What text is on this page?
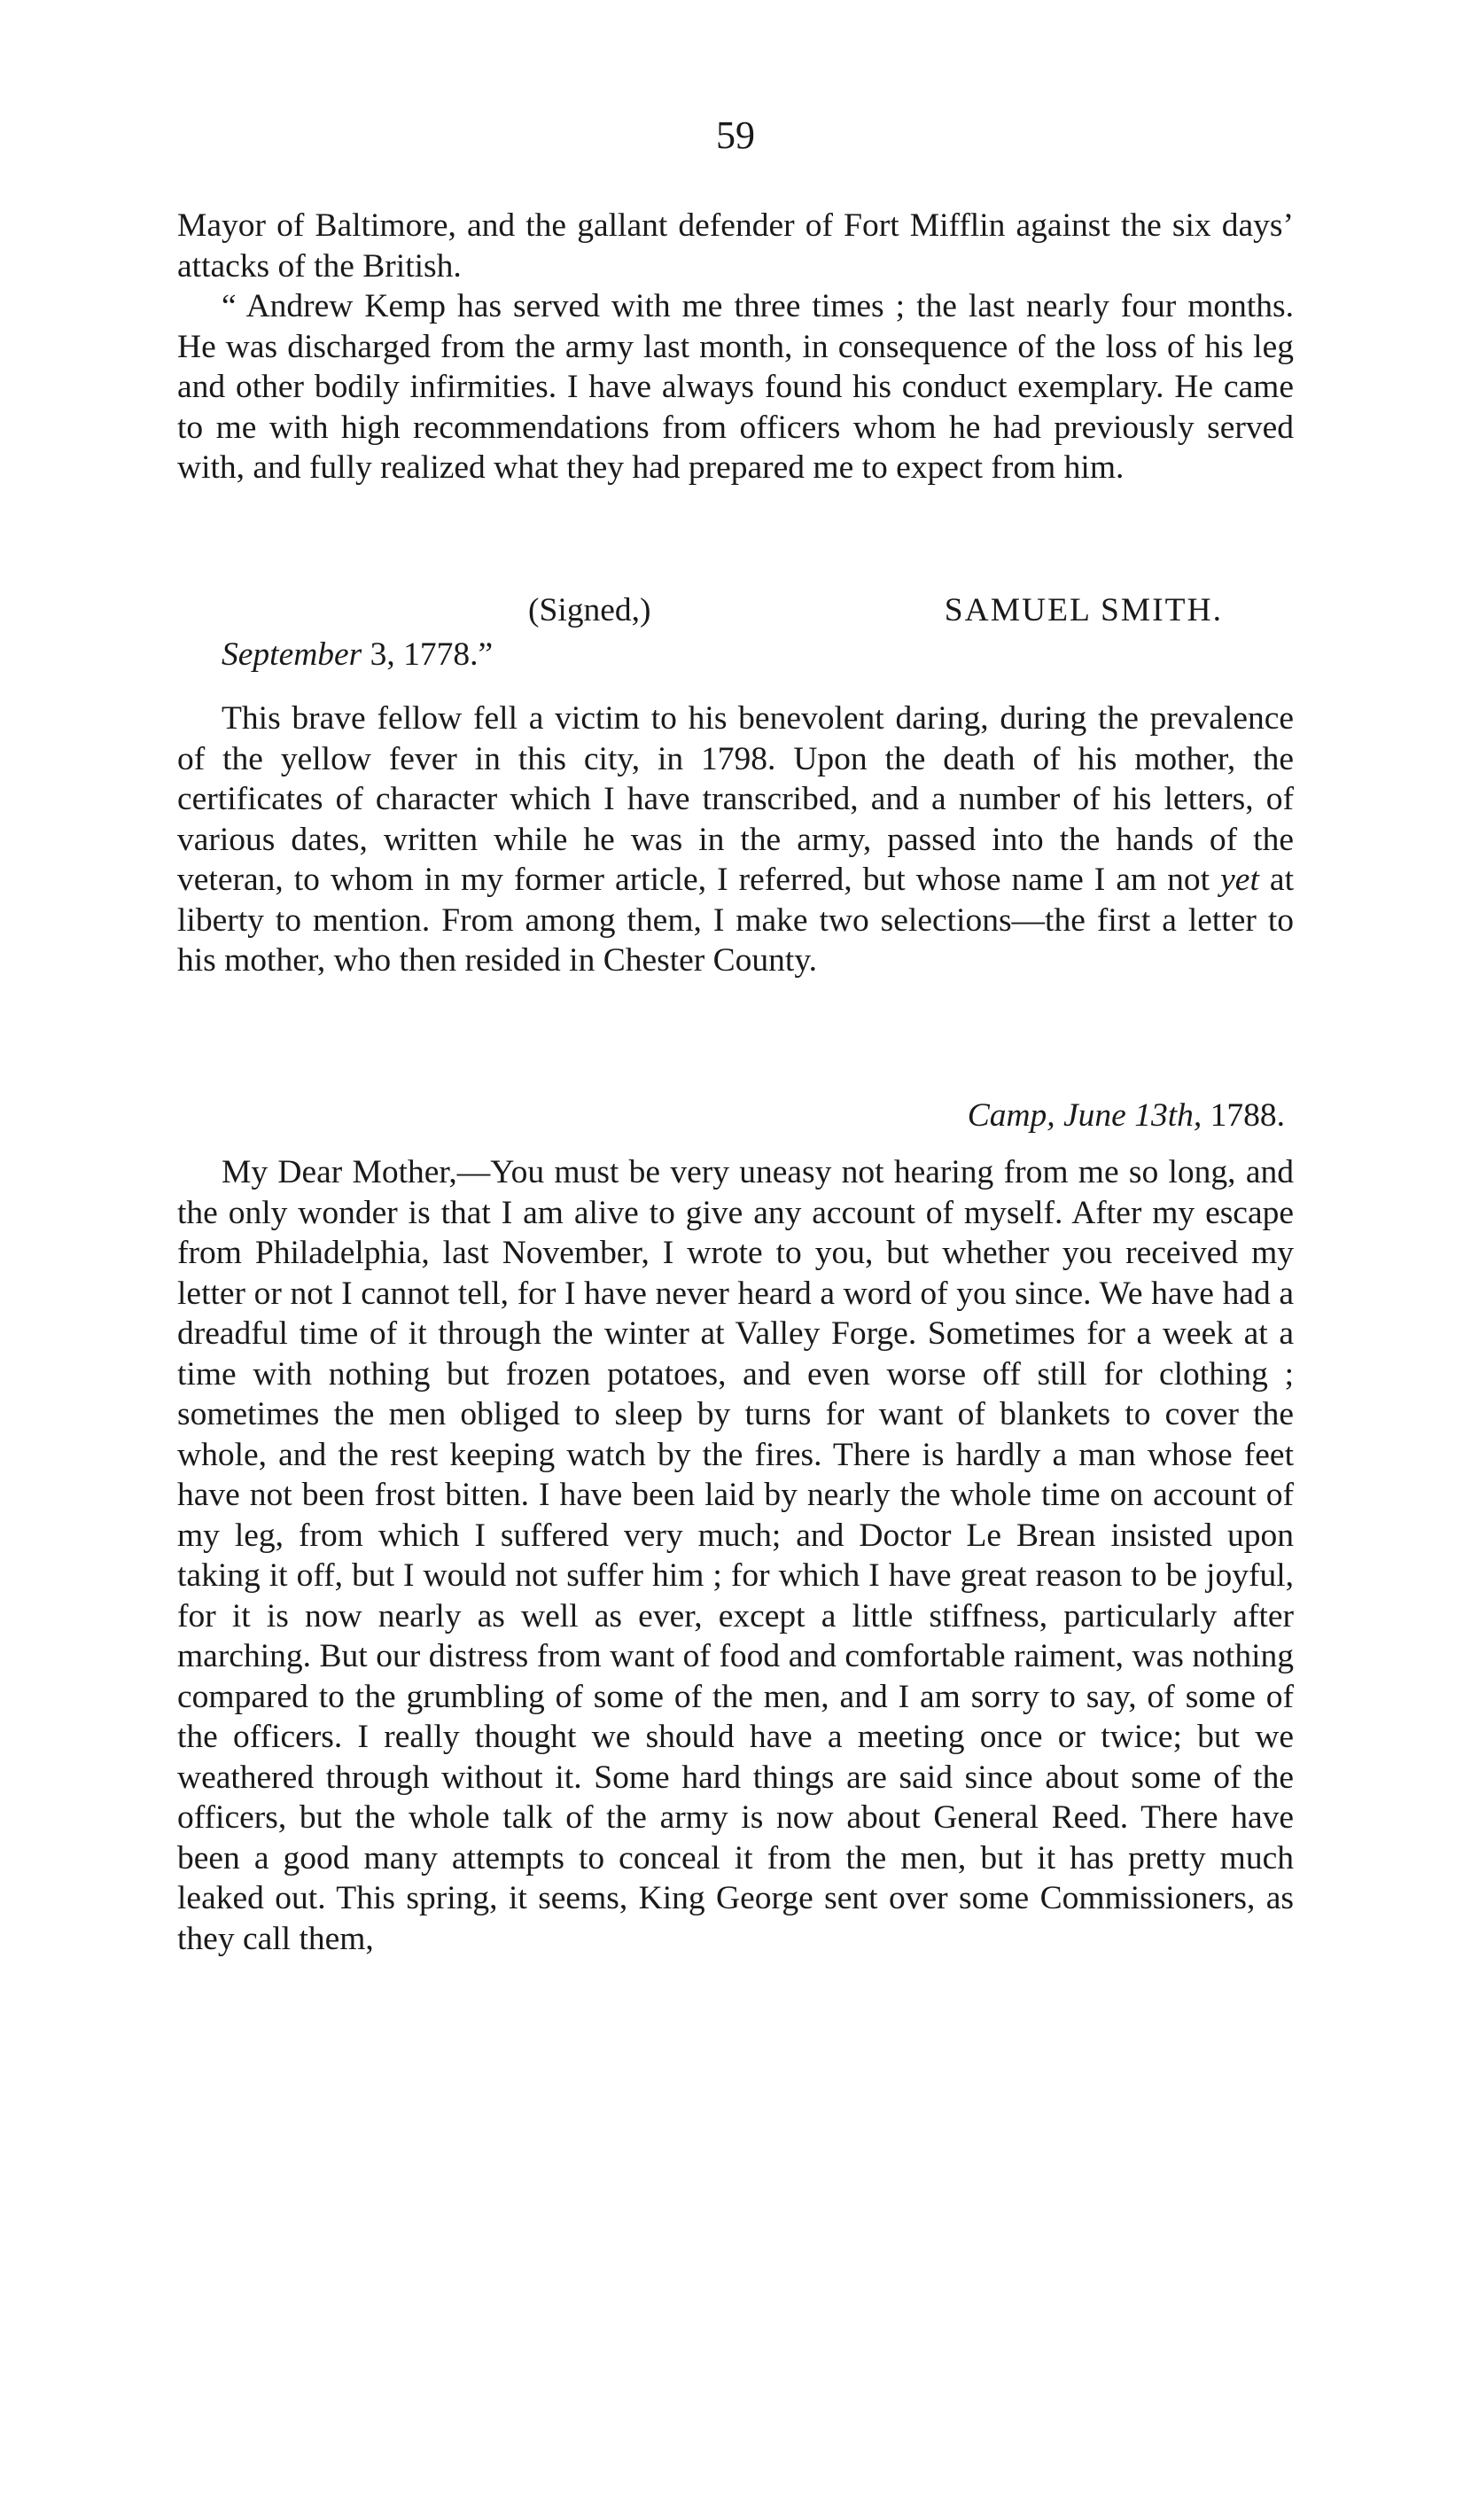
59

Mayor of Baltimore, and the gallant defender of Fort Mifflin against the six days’ attacks of the British.

“ Andrew Kemp has served with me three times ; the last nearly four months. He was discharged from the army last month, in consequence of the loss of his leg and other bodily infirmities. I have always found his conduct exemplary. He came to me with high recommendations from officers whom he had previously served with, and fully realized what they had prepared me to expect from him.

(Signed,)	SAMUEL SMITH.
September 3, 1778.”

This brave fellow fell a victim to his benevolent daring, during the prevalence of the yellow fever in this city, in 1798. Upon the death of his mother, the certificates of character which I have transcribed, and a number of his letters, of various dates, written while he was in the army, passed into the hands of the veteran, to whom in my former article, I referred, but whose name I am not yet at liberty to mention. From among them, I make two selections—the first a letter to his mother, who then resided in Chester County.

Camp, June 13th, 1788.

My Dear Mother,—You must be very uneasy not hearing from me so long, and the only wonder is that I am alive to give any account of myself. After my escape from Philadelphia, last November, I wrote to you, but whether you received my letter or not I cannot tell, for I have never heard a word of you since. We have had a dreadful time of it through the winter at Valley Forge. Sometimes for a week at a time with nothing but frozen potatoes, and even worse off still for clothing ; sometimes the men obliged to sleep by turns for want of blankets to cover the whole, and the rest keeping watch by the fires. There is hardly a man whose feet have not been frost bitten. I have been laid by nearly the whole time on account of my leg, from which I suffered very much; and Doctor Le Brean insisted upon taking it off, but I would not suffer him ; for which I have great reason to be joyful, for it is now nearly as well as ever, except a little stiffness, particularly after marching. But our distress from want of food and comfortable raiment, was nothing compared to the grumbling of some of the men, and I am sorry to say, of some of the officers. I really thought we should have a meeting once or twice; but we weathered through without it. Some hard things are said since about some of the officers, but the whole talk of the army is now about General Reed. There have been a good many attempts to conceal it from the men, but it has pretty much leaked out. This spring, it seems, King George sent over some Commissioners, as they call them,
